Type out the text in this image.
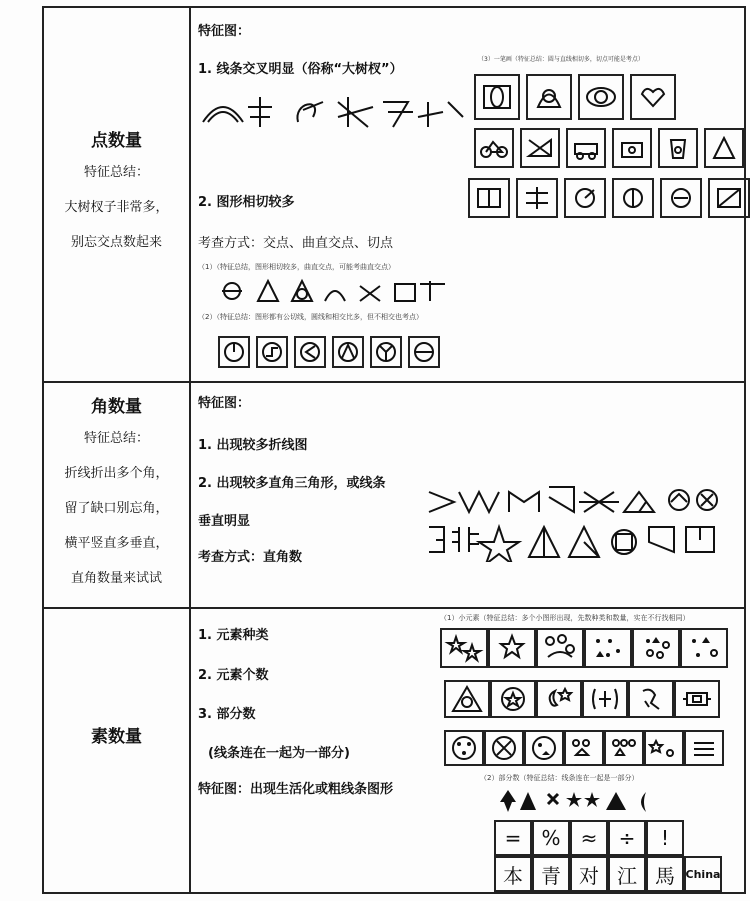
点数量
特征总结：
大树杈子非常多，
别忘交点数起来
特征图：
1. 线条交叉明显（俗称“大树杈”）
2. 图形相切较多
考查方式：交点、曲直交点、切点
（3）一笔画（特征总结：圆与直线相切多，切点可能是考点）
（1）（特征总结，图形相切较多，曲直交点，可能考曲直交点）
（2）（特征总结：图形都有公切线，圆线和相交比多，但不相交也考点）
角数量
特征总结：
折线折出多个角，
留了缺口别忘角，
横平竖直多垂直，
直角数量来试试
特征图：
1. 出现较多折线图
2. 出现较多直角三角形，或线条
垂直明显
考查方式：直角数
素数量
1. 元素种类
2. 元素个数
3. 部分数
(线条连在一起为一部分)
特征图：出现生活化或粗线条图形
（1）小元素（特征总结：多个小图形出现，先数种类和数量，实在不行找相同）
（2）部分数（特征总结：线条连在一起是一部分）
=	%	≈	÷	!
本 青 对 江 馬 China
